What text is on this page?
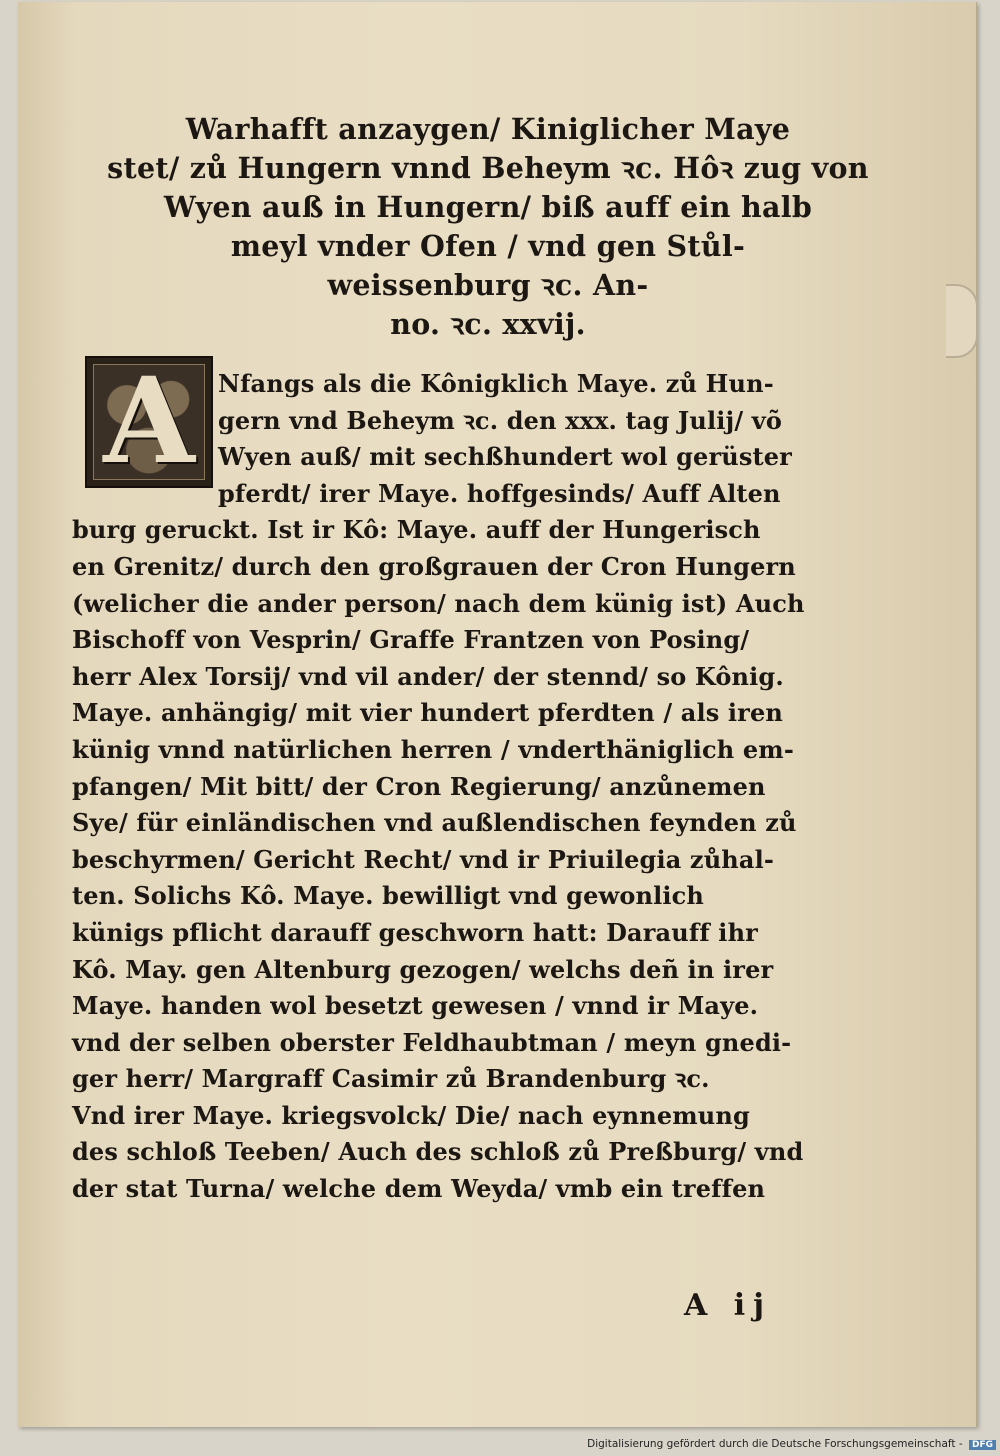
Warhafft anzaygen/ Kiniglicher Maye
stet/ zů Hungern vnnd Beheym ꝛc. Hôꝛ zug von
Wyen auß in Hungern/ biß auff ein halb
meyl vnder Ofen / vnd gen Stůl-
weissenburg ꝛc. An-
no. ꝛc. xxvij.
A Nfangs als die Kônigklich Maye. zů Hun-
gern vnd Beheym ꝛc. den xxx. tag Julij/ võ
Wyen auß/ mit sechßhundert wol gerüster
pferdt/ irer Maye. hoffgesinds/ Auff Alten
burg geruckt. Ist ir Kô: Maye. auff der Hungerisch
en Grenitz/ durch den großgrauen der Cron Hungern
(welicher die ander person/ nach dem künig ist) Auch
Bischoff von Vesprin/ Graffe Frantzen von Posing/
herr Alex Torsij/ vnd vil ander/ der stennd/ so Kônig.
Maye. anhängig/ mit vier hundert pferdten / als iren
künig vnnd natürlichen herren / vnderthäniglich em-
pfangen/ Mit bitt/ der Cron Regierung/ anzůnemen
Sye/ für einländischen vnd außlendischen feynden zů
beschyrmen/ Gericht Recht/ vnd ir Priuilegia zůhal-
ten. Solichs Kô. Maye. bewilligt vnd gewonlich
künigs pflicht darauff geschworn hatt: Darauff ihr
Kô. May. gen Altenburg gezogen/ welchs deñ in irer
Maye. handen wol besetzt gewesen / vnnd ir Maye.
vnd der selben oberster Feldhaubtman / meyn gnedi-
ger herr/ Margraff Casimir zů Brandenburg ꝛc.
Vnd irer Maye. kriegsvolck/ Die/ nach eynnemung
des schloß Teeben/ Auch des schloß zů Preßburg/ vnd
der stat Turna/ welche dem Weyda/ vmb ein treffen
A ij
Digitalisierung gefördert durch die Deutsche Forschungsgemeinschaft - DFG
